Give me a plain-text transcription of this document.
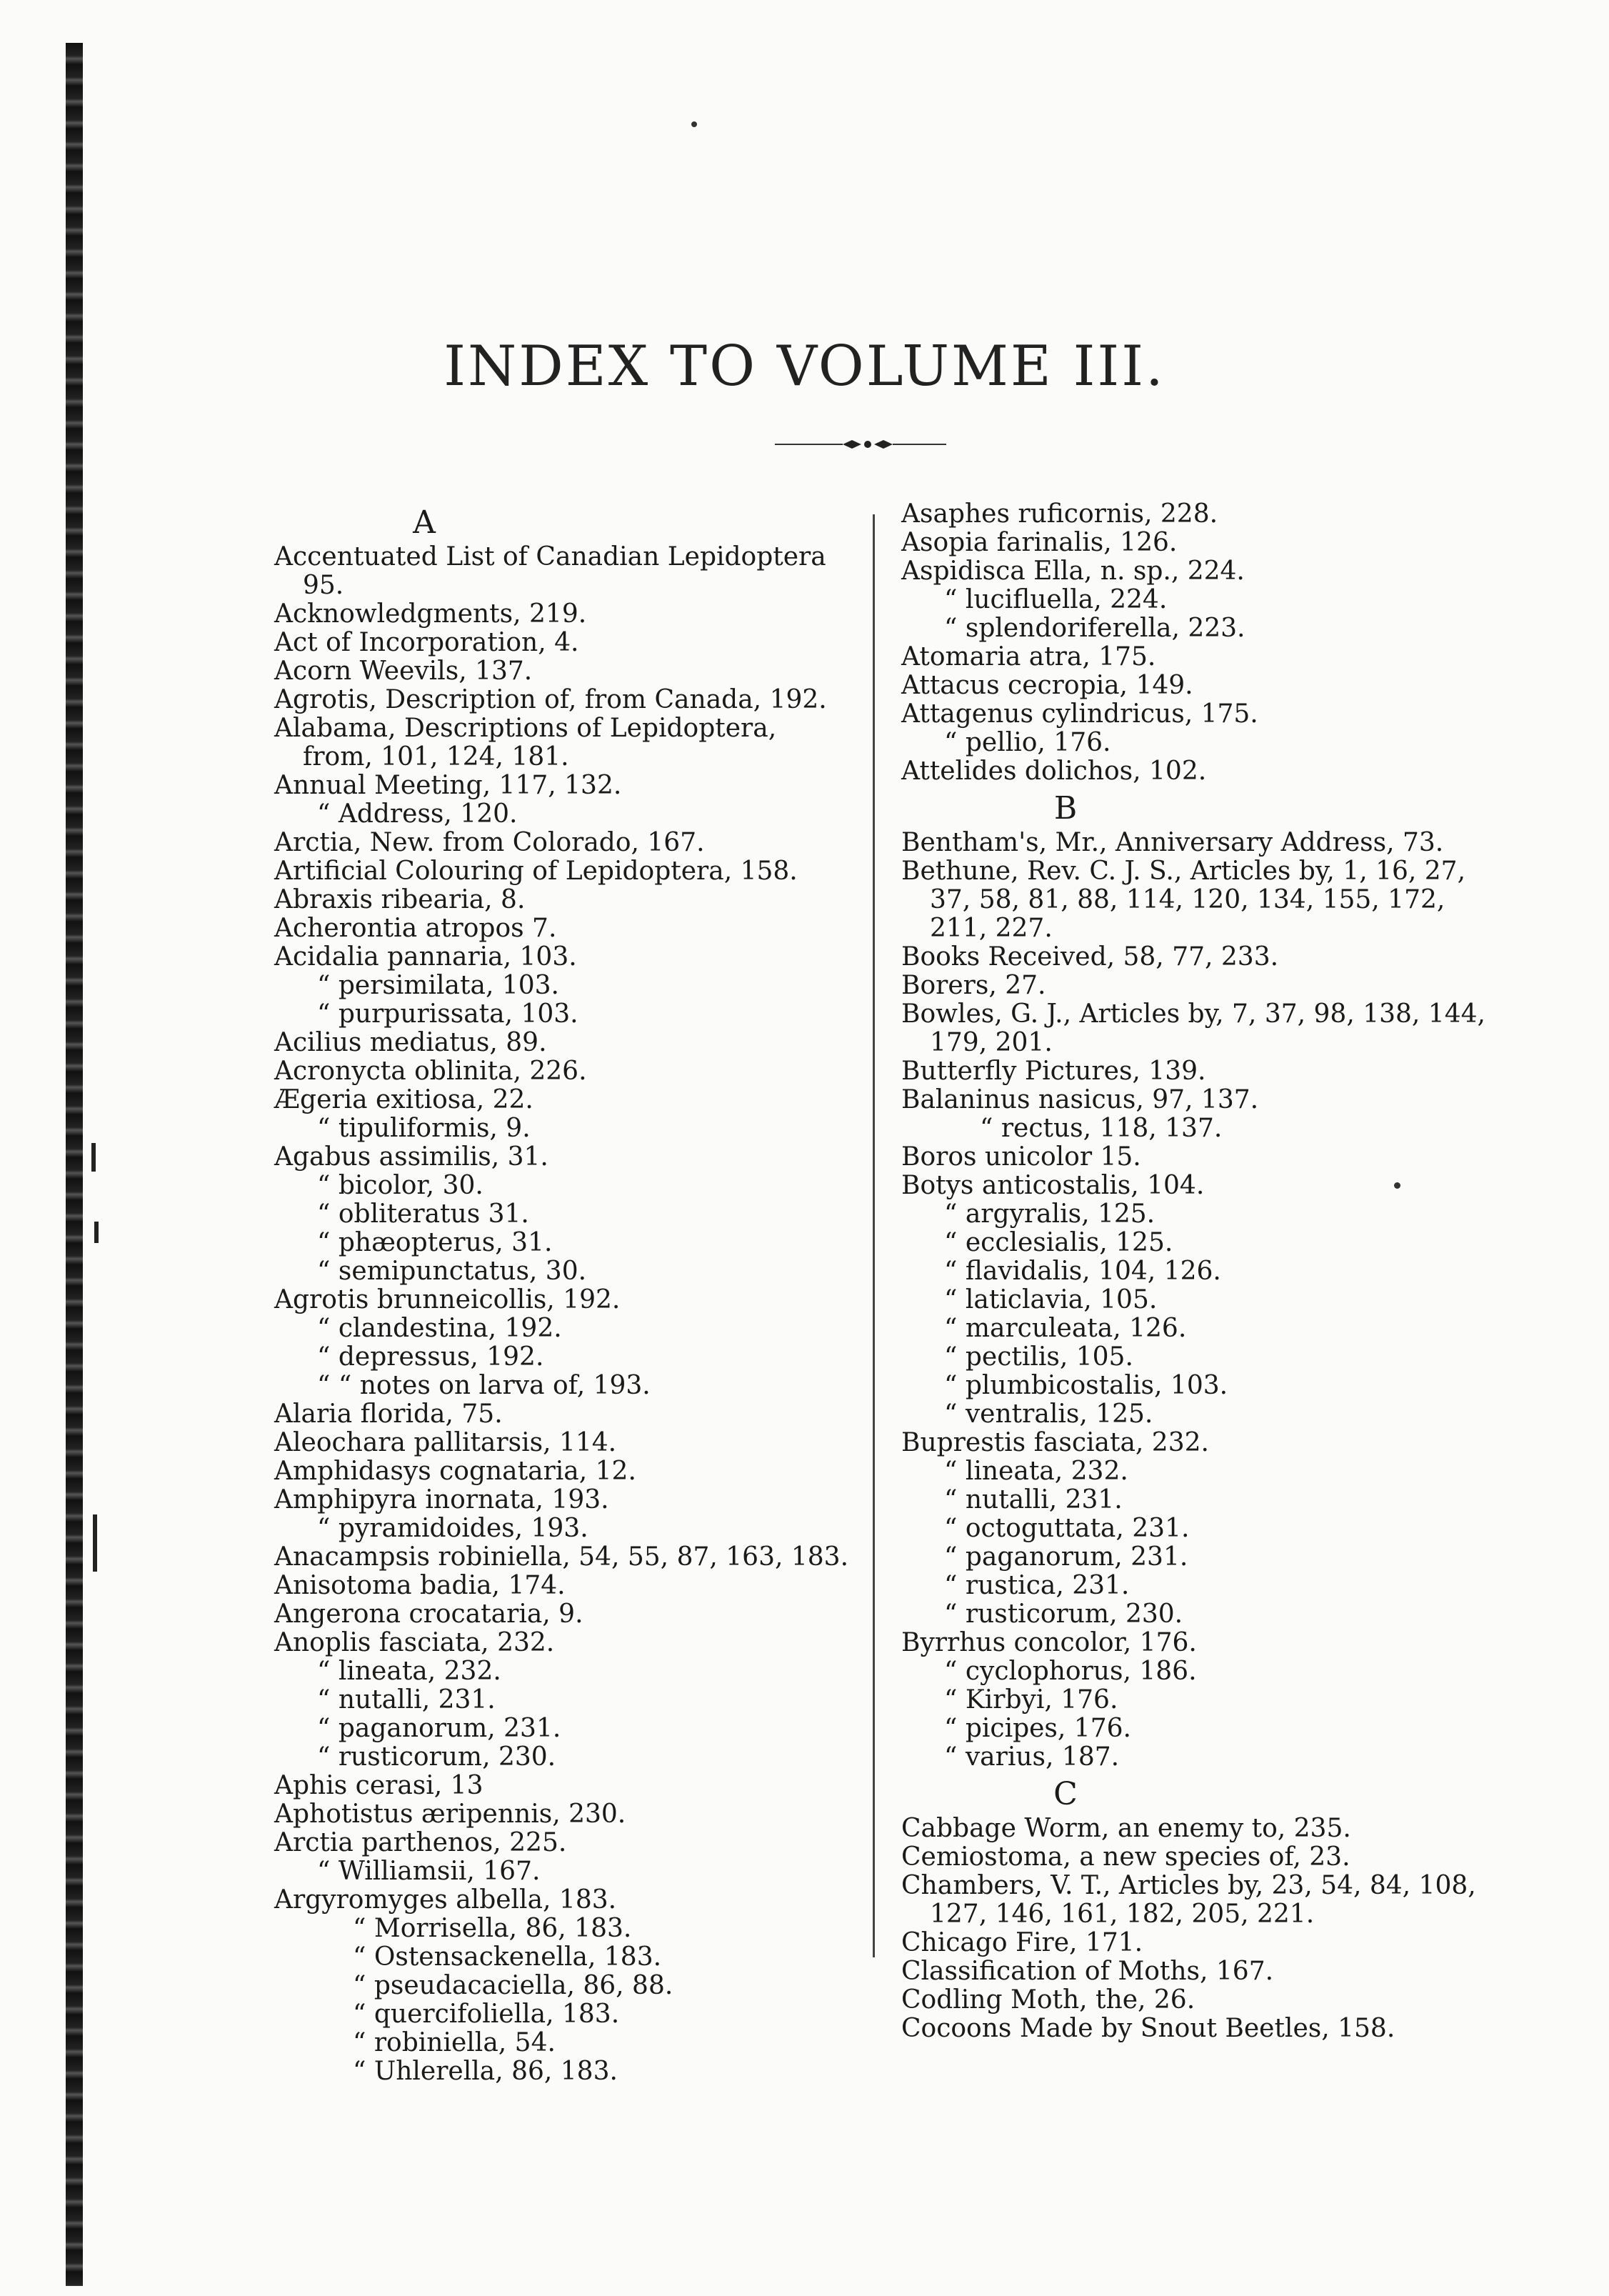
INDEX TO VOLUME III.
A
Accentuated List of Canadian Lepidoptera 95.
Acknowledgments, 219.
Act of Incorporation, 4.
Acorn Weevils, 137.
Agrotis, Description of, from Canada, 192.
Alabama, Descriptions of Lepidoptera, from, 101, 124, 181.
Annual Meeting, 117, 132.
“ Address, 120.
Arctia, New. from Colorado, 167.
Artificial Colouring of Lepidoptera, 158.
Abraxis ribearia, 8.
Acherontia atropos 7.
Acidalia pannaria, 103.
“ persimilata, 103.
“ purpurissata, 103.
Acilius mediatus, 89.
Acronycta oblinita, 226.
Ægeria exitiosa, 22.
“ tipuliformis, 9.
Agabus assimilis, 31.
“ bicolor, 30.
“ obliteratus 31.
“ phæopterus, 31.
“ semipunctatus, 30.
Agrotis brunneicollis, 192.
“ clandestina, 192.
“ depressus, 192.
“ “ notes on larva of, 193.
Alaria florida, 75.
Aleochara pallitarsis, 114.
Amphidasys cognataria, 12.
Amphipyra inornata, 193.
“ pyramidoides, 193.
Anacampsis robiniella, 54, 55, 87, 163, 183.
Anisotoma badia, 174.
Angerona crocataria, 9.
Anoplis fasciata, 232.
“ lineata, 232.
“ nutalli, 231.
“ paganorum, 231.
“ rusticorum, 230.
Aphis cerasi, 13
Aphotistus æripennis, 230.
Arctia parthenos, 225.
“ Williamsii, 167.
Argyromyges albella, 183.
“ Morrisella, 86, 183.
“ Ostensackenella, 183.
“ pseudacaciella, 86, 88.
“ quercifoliella, 183.
“ robiniella, 54.
“ Uhlerella, 86, 183.
Asaphes ruficornis, 228.
Asopia farinalis, 126.
Aspidisca Ella, n. sp., 224.
“ lucifluella, 224.
“ splendoriferella, 223.
Atomaria atra, 175.
Attacus cecropia, 149.
Attagenus cylindricus, 175.
“ pellio, 176.
Attelides dolichos, 102.
B
Bentham's, Mr., Anniversary Address, 73.
Bethune, Rev. C. J. S., Articles by, 1, 16, 27, 37, 58, 81, 88, 114, 120, 134, 155, 172, 211, 227.
Books Received, 58, 77, 233.
Borers, 27.
Bowles, G. J., Articles by, 7, 37, 98, 138, 144, 179, 201.
Butterfly Pictures, 139.
Balaninus nasicus, 97, 137.
“ rectus, 118, 137.
Boros unicolor 15.
Botys anticostalis, 104.
“ argyralis, 125.
“ ecclesialis, 125.
“ flavidalis, 104, 126.
“ laticlavia, 105.
“ marculeata, 126.
“ pectilis, 105.
“ plumbicostalis, 103.
“ ventralis, 125.
Buprestis fasciata, 232.
“ lineata, 232.
“ nutalli, 231.
“ octoguttata, 231.
“ paganorum, 231.
“ rustica, 231.
“ rusticorum, 230.
Byrrhus concolor, 176.
“ cyclophorus, 186.
“ Kirbyi, 176.
“ picipes, 176.
“ varius, 187.
C
Cabbage Worm, an enemy to, 235.
Cemiostoma, a new species of, 23.
Chambers, V. T., Articles by, 23, 54, 84, 108, 127, 146, 161, 182, 205, 221.
Chicago Fire, 171.
Classification of Moths, 167.
Codling Moth, the, 26.
Cocoons Made by Snout Beetles, 158.
